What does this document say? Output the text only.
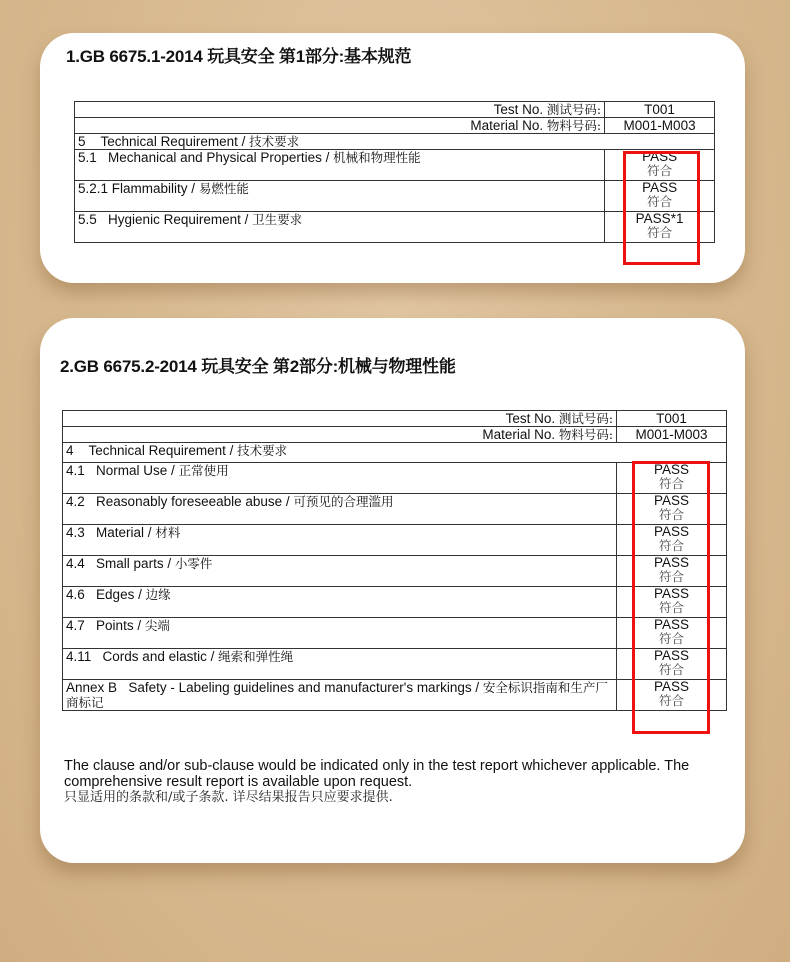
1.GB 6675.1-2014 玩具安全 第1部分:基本规范
Test No. 测试号码:	T001
Material No. 物料号码:	M001-M003
5 Technical Requirement / 技术要求	
5.1 Mechanical and Physical Properties / 机械和物理性能	PASS
符合

5.2.1 Flammability / 易燃性能	PASS
符合

5.5 Hygienic Requirement / 卫生要求	PASS*1
符合
2.GB 6675.2-2014 玩具安全 第2部分:机械与物理性能
Test No. 测试号码:	T001
Material No. 物料号码:	M001-M003
4 Technical Requirement / 技术要求	
4.1 Normal Use / 正常使用	PASS
符合

4.2 Reasonably foreseeable abuse / 可预见的合理滥用	PASS
符合

4.3 Material / 材料	PASS
符合

4.4 Small parts / 小零件	PASS
符合

4.6 Edges / 边缘	PASS
符合

4.7 Points / 尖端	PASS
符合

4.11 Cords and elastic / 绳索和弹性绳	PASS
符合

Annex B Safety - Labeling guidelines and manufacturer's markings / 安全标识指南和生产厂商标记	PASS
符合
The clause and/or sub-clause would be indicated only in the test report whichever applicable. The comprehensive result report is available upon request.
只显适用的条款和/或子条款. 详尽结果报告只应要求提供.
